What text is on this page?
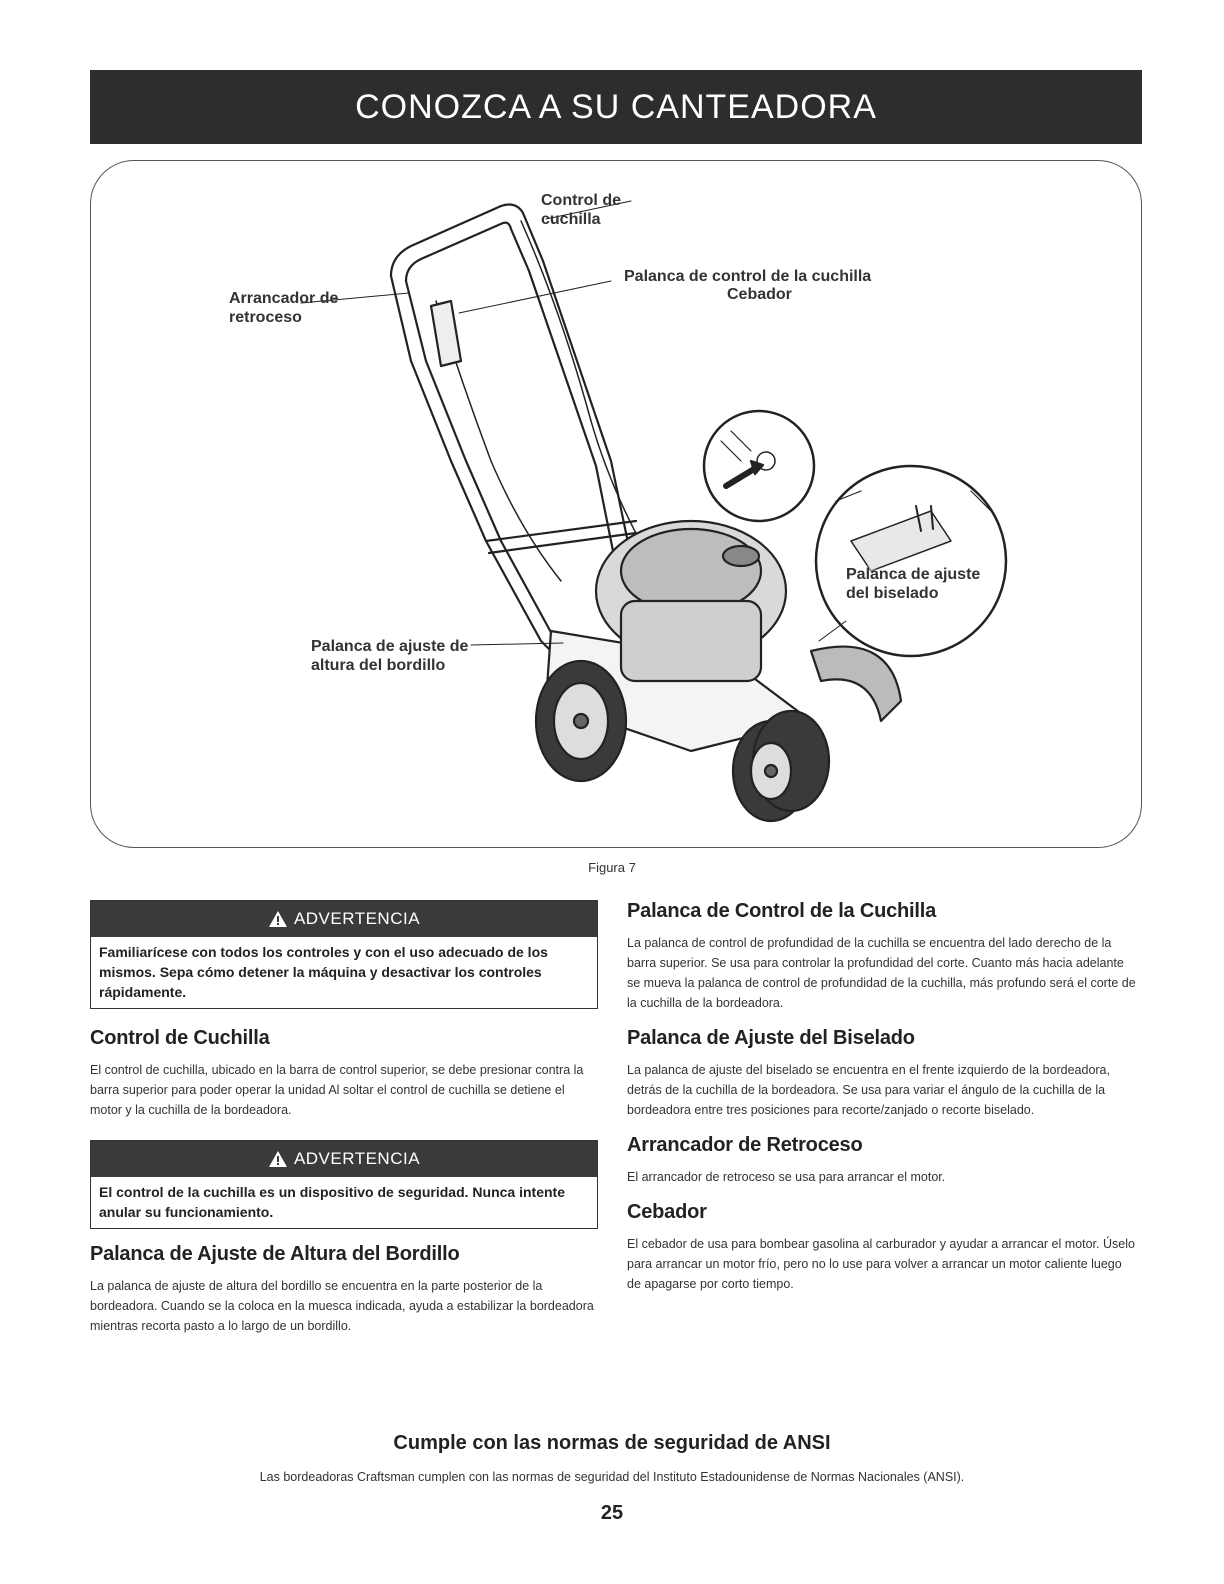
CONOZCA A SU CANTEADORA
Control de cuchilla
Palanca de control de la cuchilla
Arrancador de retroceso
Cebador
Palanca de ajuste del biselado
Palanca de ajuste de altura del bordillo
Figura 7
ADVERTENCIA
Familiarícese con todos los controles y con el uso adecuado de los mismos. Sepa cómo detener la máquina y desactivar los controles rápidamente.
Control de Cuchilla

El control de cuchilla, ubicado en la barra de control superior, se debe presionar contra la barra superior para poder operar la unidad Al soltar el control de cuchilla se detiene el motor y la cuchilla de la bordeadora.

ADVERTENCIA
El control de la cuchilla es un dispositivo de seguridad. Nunca intente anular su funcionamiento.
Palanca de Ajuste de Altura del Bordillo

La palanca de ajuste de altura del bordillo se encuentra en la parte posterior de la bordeadora. Cuando se la coloca en la muesca indicada, ayuda a estabilizar la bordeadora mientras recorta pasto a lo largo de un bordillo.

Palanca de Control de la Cuchilla

La palanca de control de profundidad de la cuchilla se encuentra del lado derecho de la barra superior. Se usa para controlar la profundidad del corte. Cuanto más hacia adelante se mueva la palanca de control de profundidad de la cuchilla, más profundo será el corte de la cuchilla de la bordeadora.

Palanca de Ajuste del Biselado

La palanca de ajuste del biselado se encuentra en el frente izquierdo de la bordeadora, detrás de la cuchilla de la bordeadora. Se usa para variar el ángulo de la cuchilla de la bordeadora entre tres posiciones para recorte/zanjado o recorte biselado.

Arrancador de Retroceso

El arrancador de retroceso se usa para arrancar el motor.

Cebador

El cebador de usa para bombear gasolina al carburador y ayudar a arrancar el motor. Úselo para arrancar un motor frío, pero no lo use para volver a arrancar un motor caliente luego de apagarse por corto tiempo.

Cumple con las normas de seguridad de ANSI
Las bordeadoras Craftsman cumplen con las normas de seguridad del Instituto Estadounidense de Normas Nacionales (ANSI).
25
